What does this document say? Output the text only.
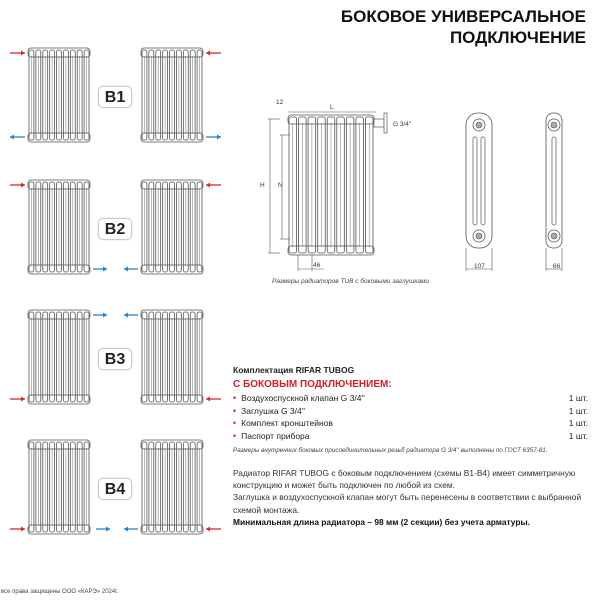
БОКОВОЕ УНИВЕРСАЛЬНОЕ
ПОДКЛЮЧЕНИЕ
B1
B2
B3
B4
12
L
G 3/4''
H N
46	107	66
Размеры радиаторов TUB с боковыми заглушками
Комплектация RIFAR TUBOG
С БОКОВЫМ ПОДКЛЮЧЕНИЕМ:
• Воздухоспускной клапан G 3/4''	1 шт.
• Заглушка G 3/4''	1 шт.
• Комплект кронштейнов	1 шт.
• Паспорт прибора	1 шт.
Размеры внутренних боковых присоединительных резьб радиатора G 3/4'' выполнены по ГОСТ 6357-81.
Радиатор RIFAR TUBOG с боковым подключением (схемы B1-B4) имеет симметричную конструкцию и может быть подключен по любой из схем.
Заглушка и воздухоспускной клапан могут быть перенесены в соответствии с выбранной схемой монтажа.
Минимальная длина радиатора – 98 мм (2 секции) без учета арматуры.
все права защищены ООО «КАРЭ» 2024г.
